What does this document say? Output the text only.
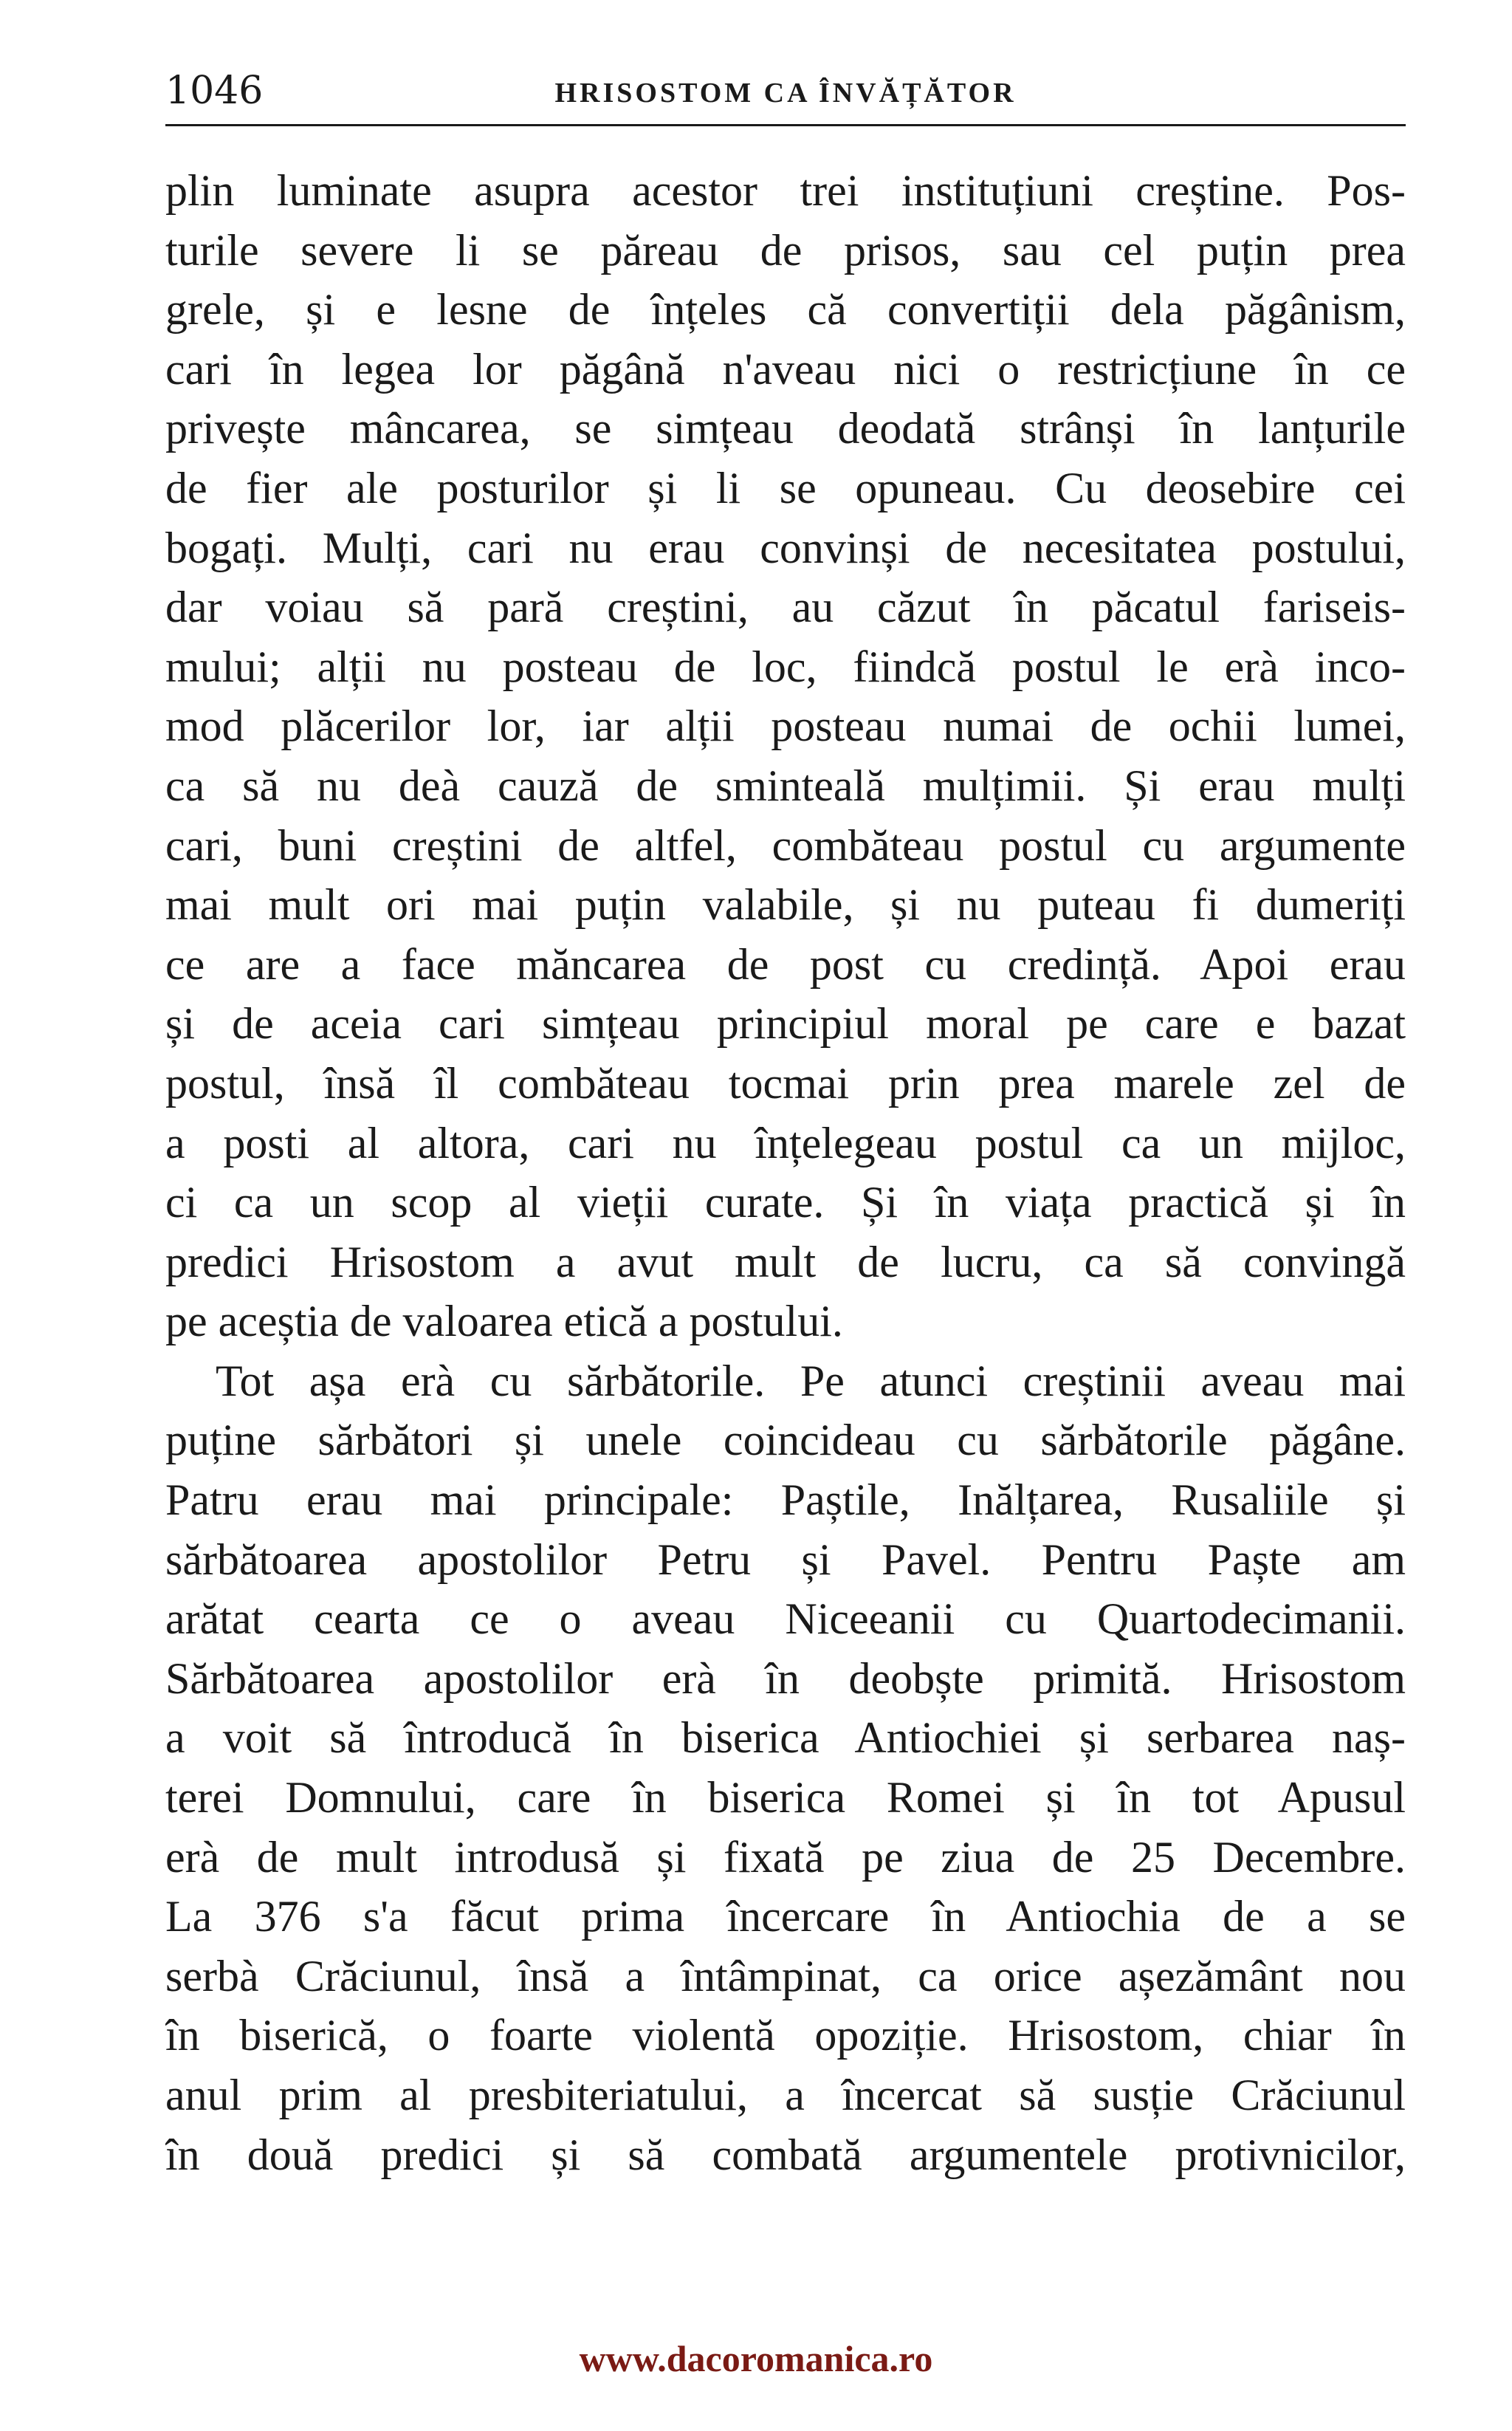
1046	HRISOSTOM CA ÎNVĂȚĂTOR
plin luminate asupra acestor trei instituțiuni creștine. Pos-
turile severe li se păreau de prisos, sau cel puțin prea
grele, și e lesne de înțeles că convertiții dela păgânism,
cari în legea lor păgână n'aveau nici o restricțiune în ce
privește mâncarea, se simțeau deodată strânși în lanțurile
de fier ale posturilor și li se opuneau. Cu deosebire cei
bogați. Mulți, cari nu erau convinși de necesitatea postului,
dar voiau să pară creștini, au căzut în păcatul fariseis-
mului; alții nu posteau de loc, fiindcă postul le erà inco-
mod plăcerilor lor, iar alții posteau numai de ochii lumei,
ca să nu deà cauză de sminteală mulțimii. Și erau mulți
cari, buni creștini de altfel, combăteau postul cu argumente
mai mult ori mai puțin valabile, și nu puteau fi dumeriți
ce are a face măncarea de post cu credință. Apoi erau
și de aceia cari simțeau principiul moral pe care e bazat
postul, însă îl combăteau tocmai prin prea marele zel de
a posti al altora, cari nu înțelegeau postul ca un mijloc,
ci ca un scop al vieții curate. Și în viața practică și în
predici Hrisostom a avut mult de lucru, ca să convingă
pe aceștia de valoarea etică a postului.
Tot așa erà cu sărbătorile. Pe atunci creștinii aveau mai
puține sărbători și unele coincideau cu sărbătorile păgâne.
Patru erau mai principale: Paștile, Inălțarea, Rusaliile și
sărbătoarea apostolilor Petru și Pavel. Pentru Paște am
arătat cearta ce o aveau Niceeanii cu Quartodecimanii.
Sărbătoarea apostolilor erà în deobște primită. Hrisostom
a voit să întroducă în biserica Antiochiei și serbarea naș-
terei Domnului, care în biserica Romei și în tot Apusul
erà de mult introdusă și fixată pe ziua de 25 Decembre.
La 376 s'a făcut prima încercare în Antiochia de a se
serbà Crăciunul, însă a întâmpinat, ca orice așezământ nou
în biserică, o foarte violentă opoziție. Hrisostom, chiar în
anul prim al presbiteriatului, a încercat să susție Crăciunul
în două predici și să combată argumentele protivnicilor,
www.dacoromanica.ro
